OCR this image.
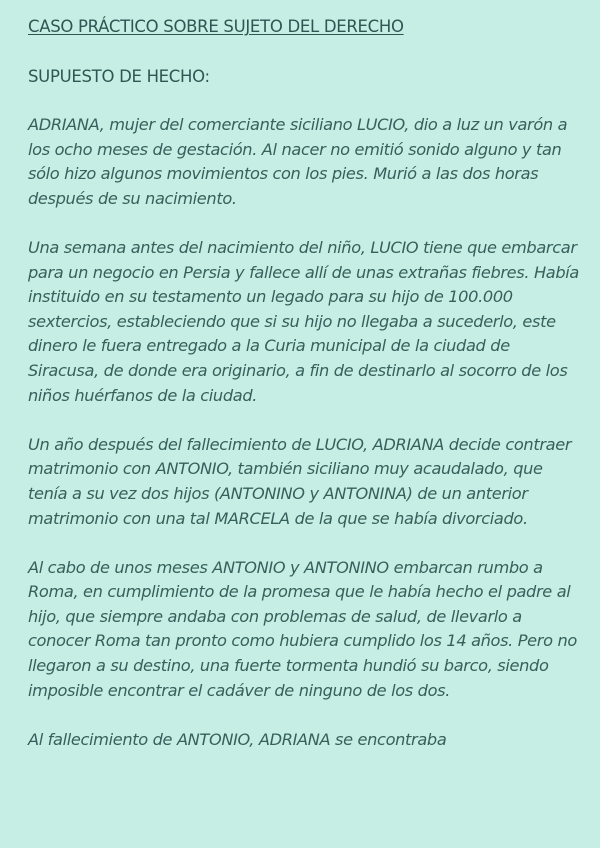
CASO PRÁCTICO SOBRE SUJETO DEL DERECHO
SUPUESTO DE HECHO:

ADRIANA, mujer del comerciante siciliano LUCIO, dio a luz un varón a los ocho meses de gestación. Al nacer no emitió sonido alguno y tan sólo hizo algunos movimientos con los pies. Murió a las dos horas después de su nacimiento.

Una semana antes del nacimiento del niño, LUCIO tiene que embarcar para un negocio en Persia y fallece allí de unas extrañas fiebres. Había instituido en su testamento un legado para su hijo de 100.000 sextercios, estableciendo que si su hijo no llegaba a sucederlo, este dinero le fuera entregado a la Curia municipal de la ciudad de Siracusa, de donde era originario, a fin de destinarlo al socorro de los niños huérfanos de la ciudad.

Un año después del fallecimiento de LUCIO, ADRIANA decide contraer matrimonio con ANTONIO, también siciliano muy acaudalado, que tenía a su vez dos hijos (ANTONINO y ANTONINA) de un anterior matrimonio con una tal MARCELA de la que se había divorciado.

Al cabo de unos meses ANTONIO y ANTONINO embarcan rumbo a Roma, en cumplimiento de la promesa que le había hecho el padre al hijo, que siempre andaba con problemas de salud, de llevarlo a conocer Roma tan pronto como hubiera cumplido los 14 años. Pero no llegaron a su destino, una fuerte tormenta hundió su barco, siendo imposible encontrar el cadáver de ninguno de los dos.

Al fallecimiento de ANTONIO, ADRIANA se encontraba
